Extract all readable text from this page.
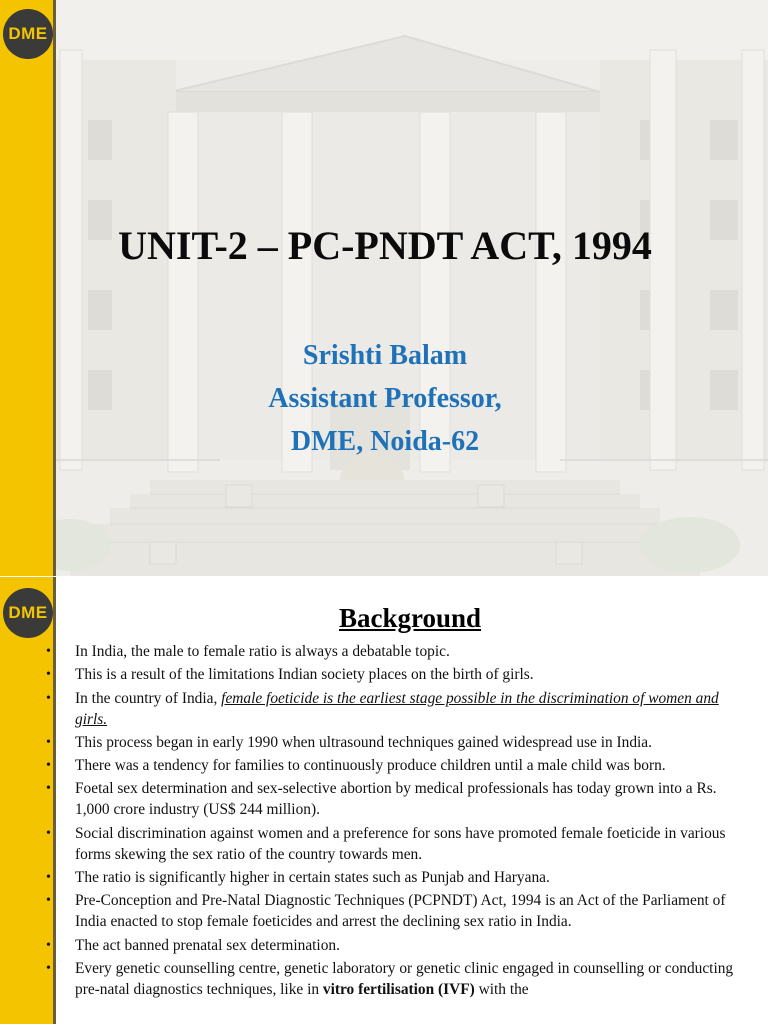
DME
UNIT-2 – PC-PNDT ACT, 1994
Srishti Balam
Assistant Professor,
DME, Noida-62
DME	Background
• In India, the male to female ratio is always a debatable topic.
• This is a result of the limitations Indian society places on the birth of girls.
• In the country of India, female foeticide is the earliest stage possible in the discrimination of women and girls.
• This process began in early 1990 when ultrasound techniques gained widespread use in India.
• There was a tendency for families to continuously produce children until a male child was born.
• Foetal sex determination and sex-selective abortion by medical professionals has today grown into a Rs. 1,000 crore industry (US$ 244 million).
• Social discrimination against women and a preference for sons have promoted female foeticide in various forms skewing the sex ratio of the country towards men.
• The ratio is significantly higher in certain states such as Punjab and Haryana.
• Pre-Conception and Pre-Natal Diagnostic Techniques (PCPNDT) Act, 1994 is an Act of the Parliament of India enacted to stop female foeticides and arrest the declining sex ratio in India.
• The act banned prenatal sex determination.
• Every genetic counselling centre, genetic laboratory or genetic clinic engaged in counselling or conducting pre-natal diagnostics techniques, like in vitro fertilisation (IVF) with the
